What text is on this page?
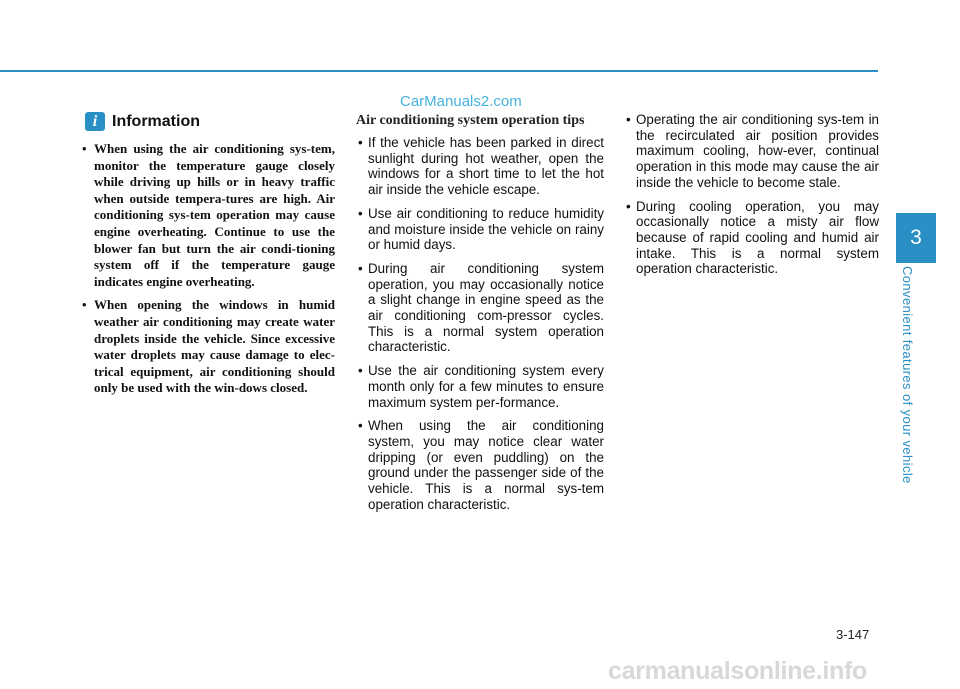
CarManuals2.com
i Information
• When using the air conditioning sys-tem, monitor the temperature gauge closely while driving up hills or in heavy traffic when outside tempera-tures are high. Air conditioning sys-tem operation may cause engine overheating. Continue to use the blower fan but turn the air condi-tioning system off if the temperature gauge indicates engine overheating.
• When opening the windows in humid weather air conditioning may create water droplets inside the vehicle. Since excessive water droplets may cause damage to elec-trical equipment, air conditioning should only be used with the win-dows closed.
Air conditioning system operation tips
• If the vehicle has been parked in direct sunlight during hot weather, open the windows for a short time to let the hot air inside the vehicle escape.
• Use air conditioning to reduce humidity and moisture inside the vehicle on rainy or humid days.
• During air conditioning system operation, you may occasionally notice a slight change in engine speed as the air conditioning com-pressor cycles. This is a normal system operation characteristic.
• Use the air conditioning system every month only for a few minutes to ensure maximum system per-formance.
• When using the air conditioning system, you may notice clear water dripping (or even puddling) on the ground under the passenger side of the vehicle. This is a normal sys-tem operation characteristic.
• Operating the air conditioning sys-tem in the recirculated air position provides maximum cooling, how-ever, continual operation in this mode may cause the air inside the vehicle to become stale.
• During cooling operation, you may occasionally notice a misty air flow because of rapid cooling and humid air intake. This is a normal system operation characteristic.
3
Convenient features of your vehicle
3-147
carmanualsonline.info
